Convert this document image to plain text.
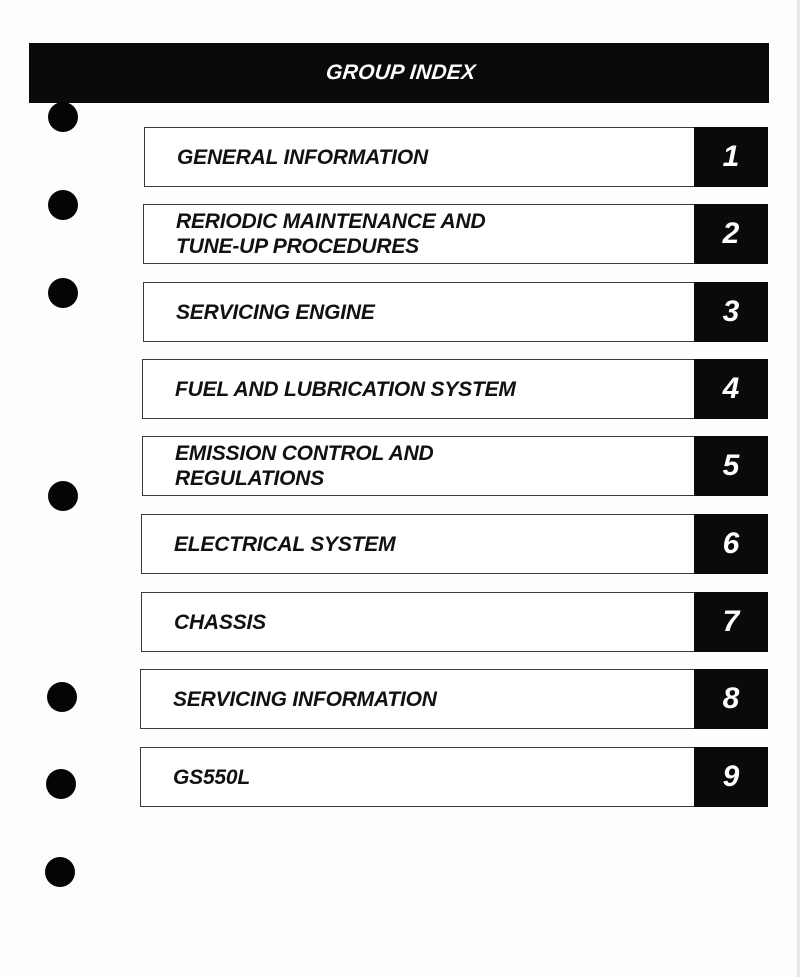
GROUP INDEX
GENERAL INFORMATION	1
RERIODIC MAINTENANCE AND
TUNE-UP PROCEDURES	2
SERVICING ENGINE	3
FUEL AND LUBRICATION SYSTEM	4
EMISSION CONTROL AND
REGULATIONS	5
ELECTRICAL SYSTEM	6
CHASSIS	7
SERVICING INFORMATION	8
GS550L	9
